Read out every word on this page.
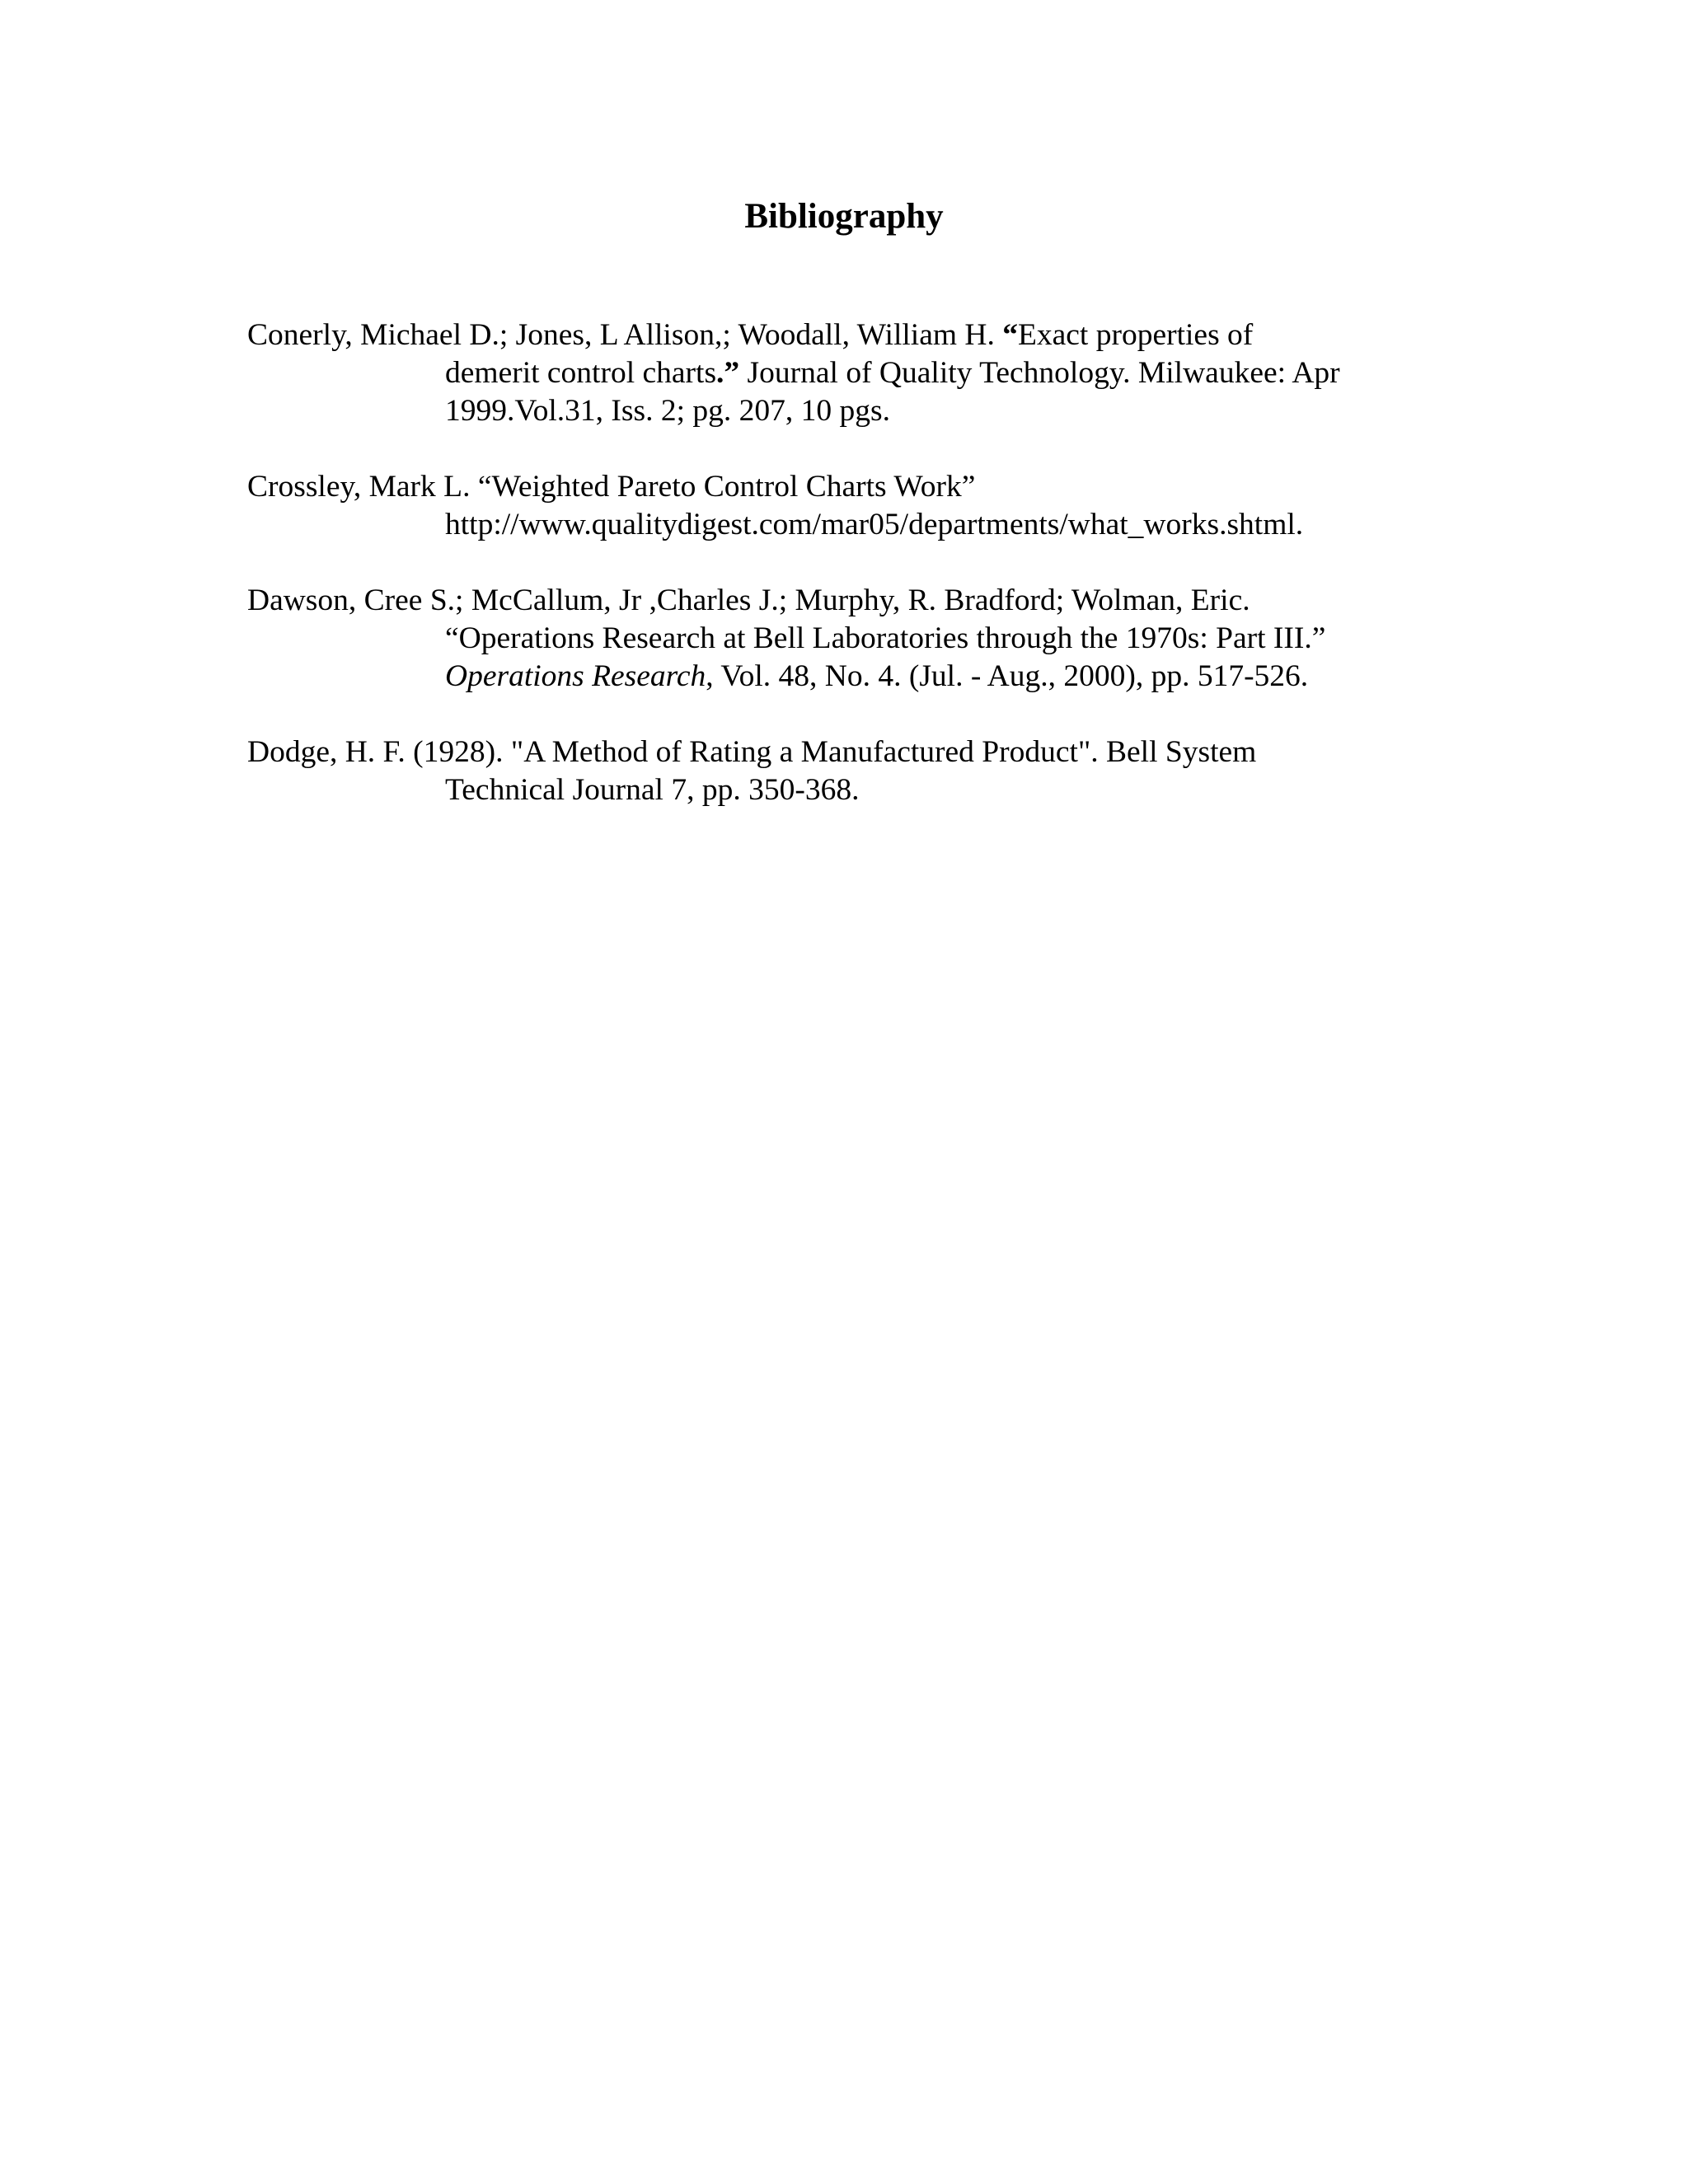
Bibliography

Conerly, Michael D.; Jones, L Allison,; Woodall, William H. “Exact properties of
demerit control charts.” Journal of Quality Technology. Milwaukee: Apr
1999.Vol.31, Iss. 2; pg. 207, 10 pgs.

Crossley, Mark L. “Weighted Pareto Control Charts Work”
http://www.qualitydigest.com/mar05/departments/what_works.shtml.

Dawson, Cree S.; McCallum, Jr ,Charles J.; Murphy, R. Bradford; Wolman, Eric.
“Operations Research at Bell Laboratories through the 1970s: Part III.”
Operations Research, Vol. 48, No. 4. (Jul. - Aug., 2000), pp. 517-526.

Dodge, H. F. (1928). "A Method of Rating a Manufactured Product". Bell System
Technical Journal 7, pp. 350-368.
